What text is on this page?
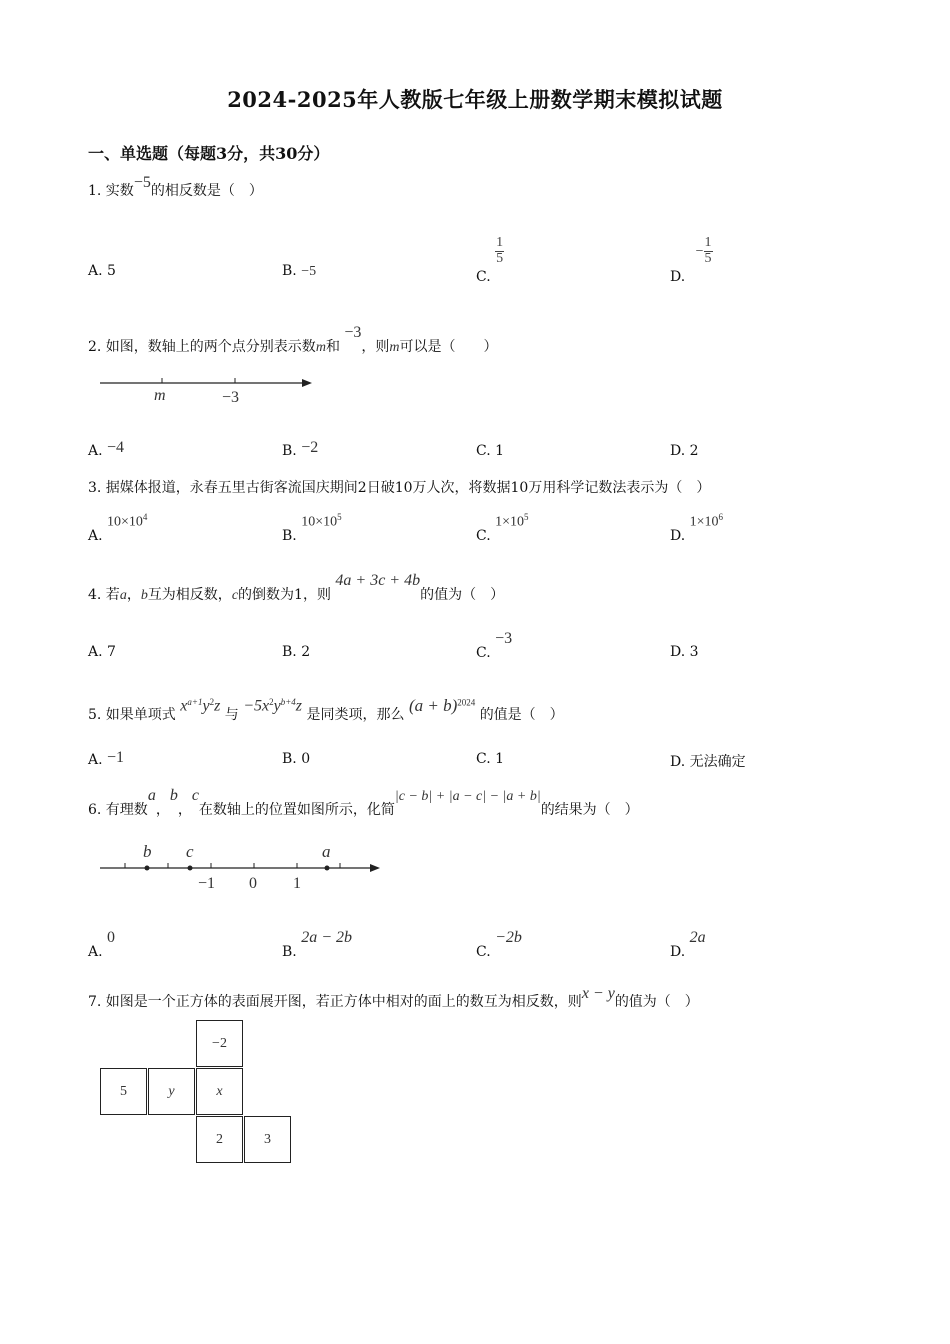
2024-2025年人教版七年级上册数学期末模拟试题
一、单选题（每题3分，共30分）
1. 实数−5的相反数是（　）
A. 5	B. −5	C.
$\frac{1}{5}$
D. − $\frac{1}{5}$
2. 如图，数轴上的两个点分别表示数m和 −3，则m可以是（　　）
m	−3
A. −4	B. −2	C. 1	D. 2
3. 据媒体报道，永春五里古街客流国庆期间2日破10万人次，将数据10万用科学记数法表示为（　）
A. $10\times 10^4$
B. $10\times 10^5$
C. $1\times 10^5$
D. $1\times 10^6$
4. 若a，b互为相反数，c的倒数为1，则 4a + 3c + 4b的值为（　）
A. 7	B. 2	C. −3
D. 3
5. 如果单项式 $x^{a+1}y^2z$ 与 $-5x^2y^{b+4}z$ 是同类项，那么 $(a + b)^{2024}$ 的值是（　）
A. −1	B. 0	C. 1	D. 无法确定
6. 有理数a，b，c在数轴上的位置如图所示，化简|c − b| + |a − c| − |a + b|的结果为（　）
b c	a
−1 0 1
A. 0
B. 2a − 2b
C. −2b
D. 2a
7. 如图是一个正方体的表面展开图，若正方体中相对的面上的数互为相反数，则x − y的值为（　）
−2
5	y	x
2	3
